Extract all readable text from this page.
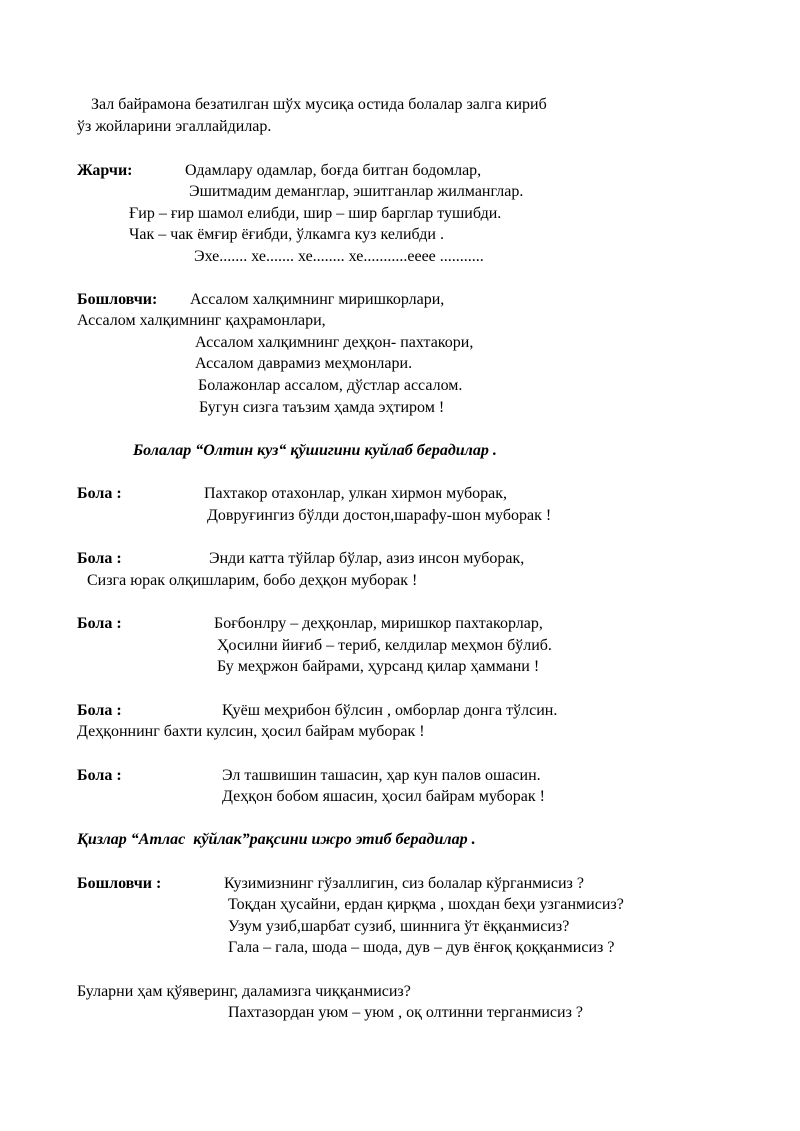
Зал байрамона безатилган шўх мусиқа остида болалар залга кириб
ўз жойларини эгаллайдилар.
Жарчи:	Одамлару одамлар, боғда битган бодомлар,
Эшитмадим деманглар, эшитганлар жилманглар.
Ғир – ғир шамол елибди, шир – шир барглар тушибди.
Чак – чак ёмғир ёғибди, ўлкамга куз келибди .
Эхе....... хе....... хе........ хе...........ееее ...........
Бошловчи: Ассалом халқимнинг миришкорлари,
Ассалом халқимнинг қаҳрамонлари,
Ассалом халқимнинг деҳқон- пахтакори,
Ассалом даврамиз меҳмонлари.
Болажонлар ассалом, дўстлар ассалом.
Бугун сизга таъзим ҳамда эҳтиром !
Болалар “Олтин куз“ қўшигини куйлаб берадилар .
Бола :	Пахтакор отахонлар, улкан хирмон муборак,
Довруғингиз бўлди достон,шарафу-шон муборак !
Бола :	Энди катта тўйлар бўлар, азиз инсон муборак,
Сизга юрак олқишларим, бобо деҳқон муборак !
Бола :	Боғбонлру – деҳқонлар, миришкор пахтакорлар,
Ҳосилни йиғиб – териб, келдилар меҳмон бўлиб.
Бу меҳржон байрами, ҳурсанд қилар ҳаммани !
Бола :	Қуёш меҳрибон бўлсин , омборлар донга тўлсин.
Деҳқоннинг бахти кулсин, ҳосил байрам муборак !
Бола :	Эл ташвишин ташасин, ҳар кун палов ошасин.
Деҳқон бобом яшасин, ҳосил байрам муборак !
Қизлар “Атлас  кўйлак”рақсини ижро этиб берадилар .
Бошловчи :	Кузимизнинг гўзаллигин, сиз болалар кўрганмисиз ?
Тоқдан ҳусайни, ердан қирқма , шохдан беҳи узганмисиз?
Узум узиб,шарбат сузиб, шиннига ўт ёққанмисиз?
Гала – гала, шода – шода, дув – дув ёнғоқ қоққанмисиз ?
Буларни ҳам қўяверинг, даламизга чиққанмисиз?
Пахтазордан уюм – уюм , оқ олтинни терганмисиз ?
